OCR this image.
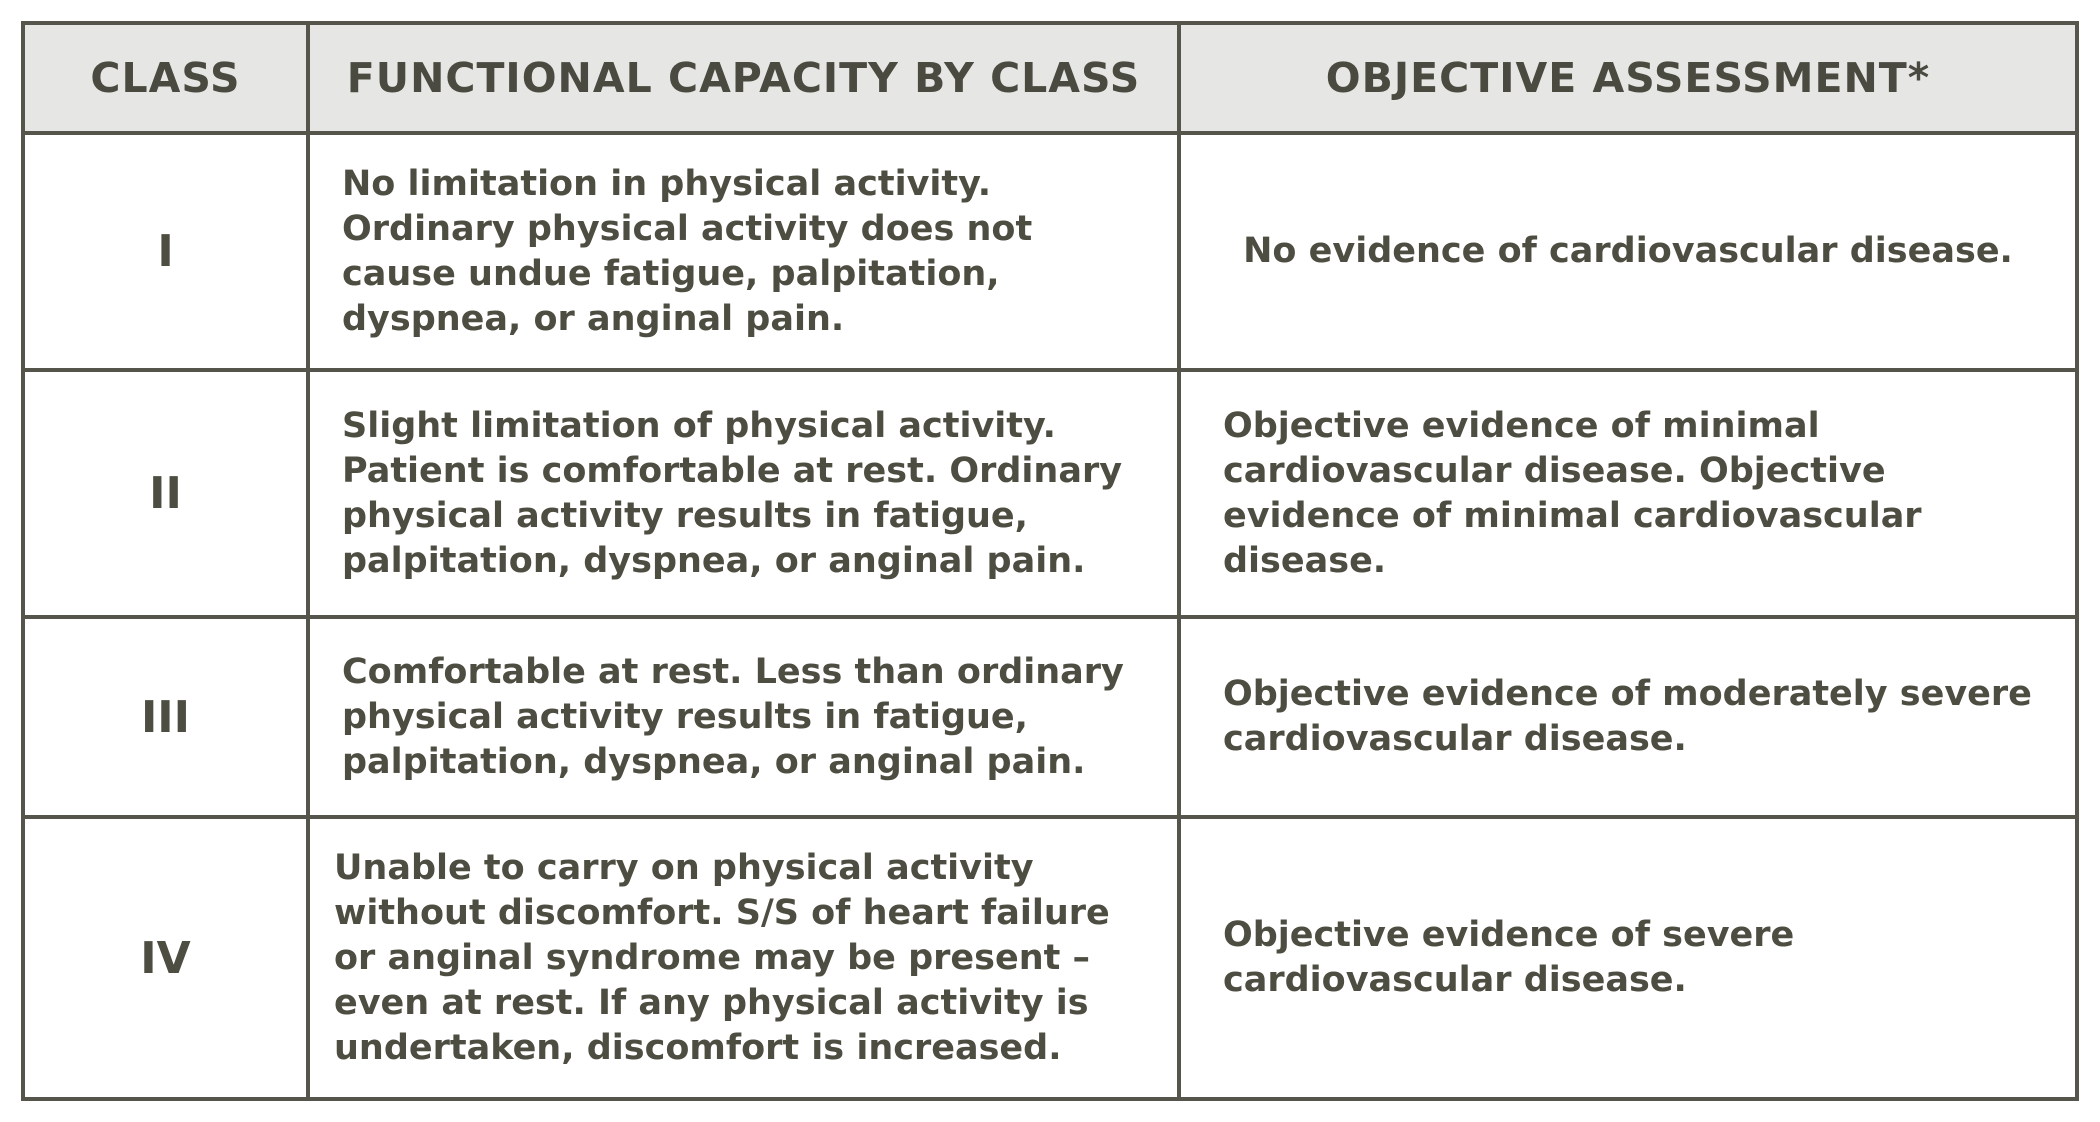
CLASS	FUNCTIONAL CAPACITY BY CLASS	OBJECTIVE ASSESSMENT*
I
No limitation in physical activity. Ordinary physical activity does not cause undue fatigue, palpitation, dyspnea, or anginal pain.
No evidence of cardiovascular disease.
II
Slight limitation of physical activity. Patient is comfortable at rest. Ordinary physical activity results in fatigue, palpitation, dyspnea, or anginal pain.
Objective evidence of minimal cardiovascular disease. Objective evidence of minimal cardiovascular disease.
III
Comfortable at rest. Less than ordinary physical activity results in fatigue, palpitation, dyspnea, or anginal pain.
Objective evidence of moderately severe cardiovascular disease.
IV
Unable to carry on physical activity without discomfort. S/S of heart failure or anginal syndrome may be present – even at rest. If any physical activity is undertaken, discomfort is increased.
Objective evidence of severe cardiovascular disease.
